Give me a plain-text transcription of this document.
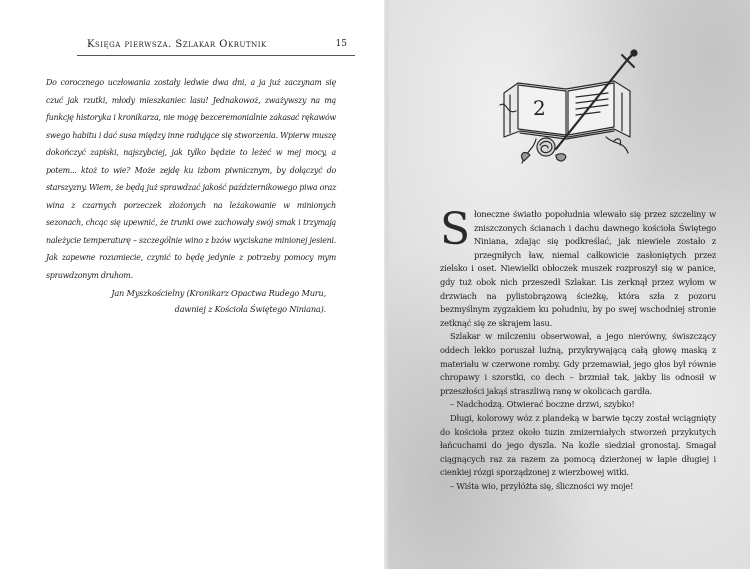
Księga pierwsza. Szlakar Okrutnik	15

Do corocznego uczłowania zostały ledwie dwa dni, a ja już zaczynam się czuć jak rzutki, młody mieszkaniec lasu! Jednakowoż, zważywszy na mą funkcję historyka i kronikarza, nie mogę bezceremonialnie zakasać rękawów swego habitu i dać susa między inne radujące się stworzenia. Wpierw muszę dokończyć zapiski, najszybciej, jak tylko będzie to leżeć w mej mocy, a potem... ktoż to wie? Może zejdę ku izbom piwnicznym, by dołączyć do starszyzny. Wiem, że będą już sprawdzać jakość październikowego piwa oraz wina z czarnych porzeczek złożonych na leżakowanie w minionych sezonach, chcąc się upewnić, że trunki owe zachowały swój smak i trzymają należycie temperaturę – szczególnie wino z bzów wyciskane minionej jesieni. Jak zapewne rozumiecie, czynić to będę jedynie z potrzeby pomocy mym sprawdzonym druhom.

Jan Myszkościelny (Kronikarz Opactwa Rudego Muru,

dawniej z Kościoła Świętego Niniana).

2

Słoneczne światło popołudnia wlewało się przez szczeliny w zniszczonych ścianach i dachu dawnego kościoła Świętego Niniana, zdając się podkreślać, jak niewiele zostało z przegniłych ław, niemal całkowicie zasłoniętych przez zielsko i oset. Niewielki obłoczek muszek rozproszył się w panice, gdy tuż obok nich przeszedł Szlakar. Lis zerknął przez wyłom w drzwiach na pylistobrązową ścieżkę, która szła z pozoru bezmyślnym zygzakiem ku południu, by po swej wschodniej stronie zetknąć się ze skrajem lasu.

Szlakar w milczeniu obserwował, a jego nierówny, świszczący oddech lekko poruszał luźną, przykrywającą całą głowę maską z materiału w czerwone romby. Gdy przemawiał, jego głos był równie chropawy i szorstki, co dech – brzmiał tak, jakby lis odnosił w przeszłości jakąś straszliwą ranę w okolicach gardła.

– Nadchodzą. Otwierać boczne drzwi, szybko!

Długi, kolorowy wóz z plandeką w barwie tęczy został wciągnięty do kościoła przez około tuzin zmizerniałych stworzeń przykutych łańcuchami do jego dyszla. Na koźle siedział gronostaj. Smagał ciągnących raz za razem za pomocą dzierżonej w łapie długiej i cienkiej rózgi sporządzonej z wierzbowej witki.

– Wiśta wio, przyłóżta się, śliczności wy moje!
